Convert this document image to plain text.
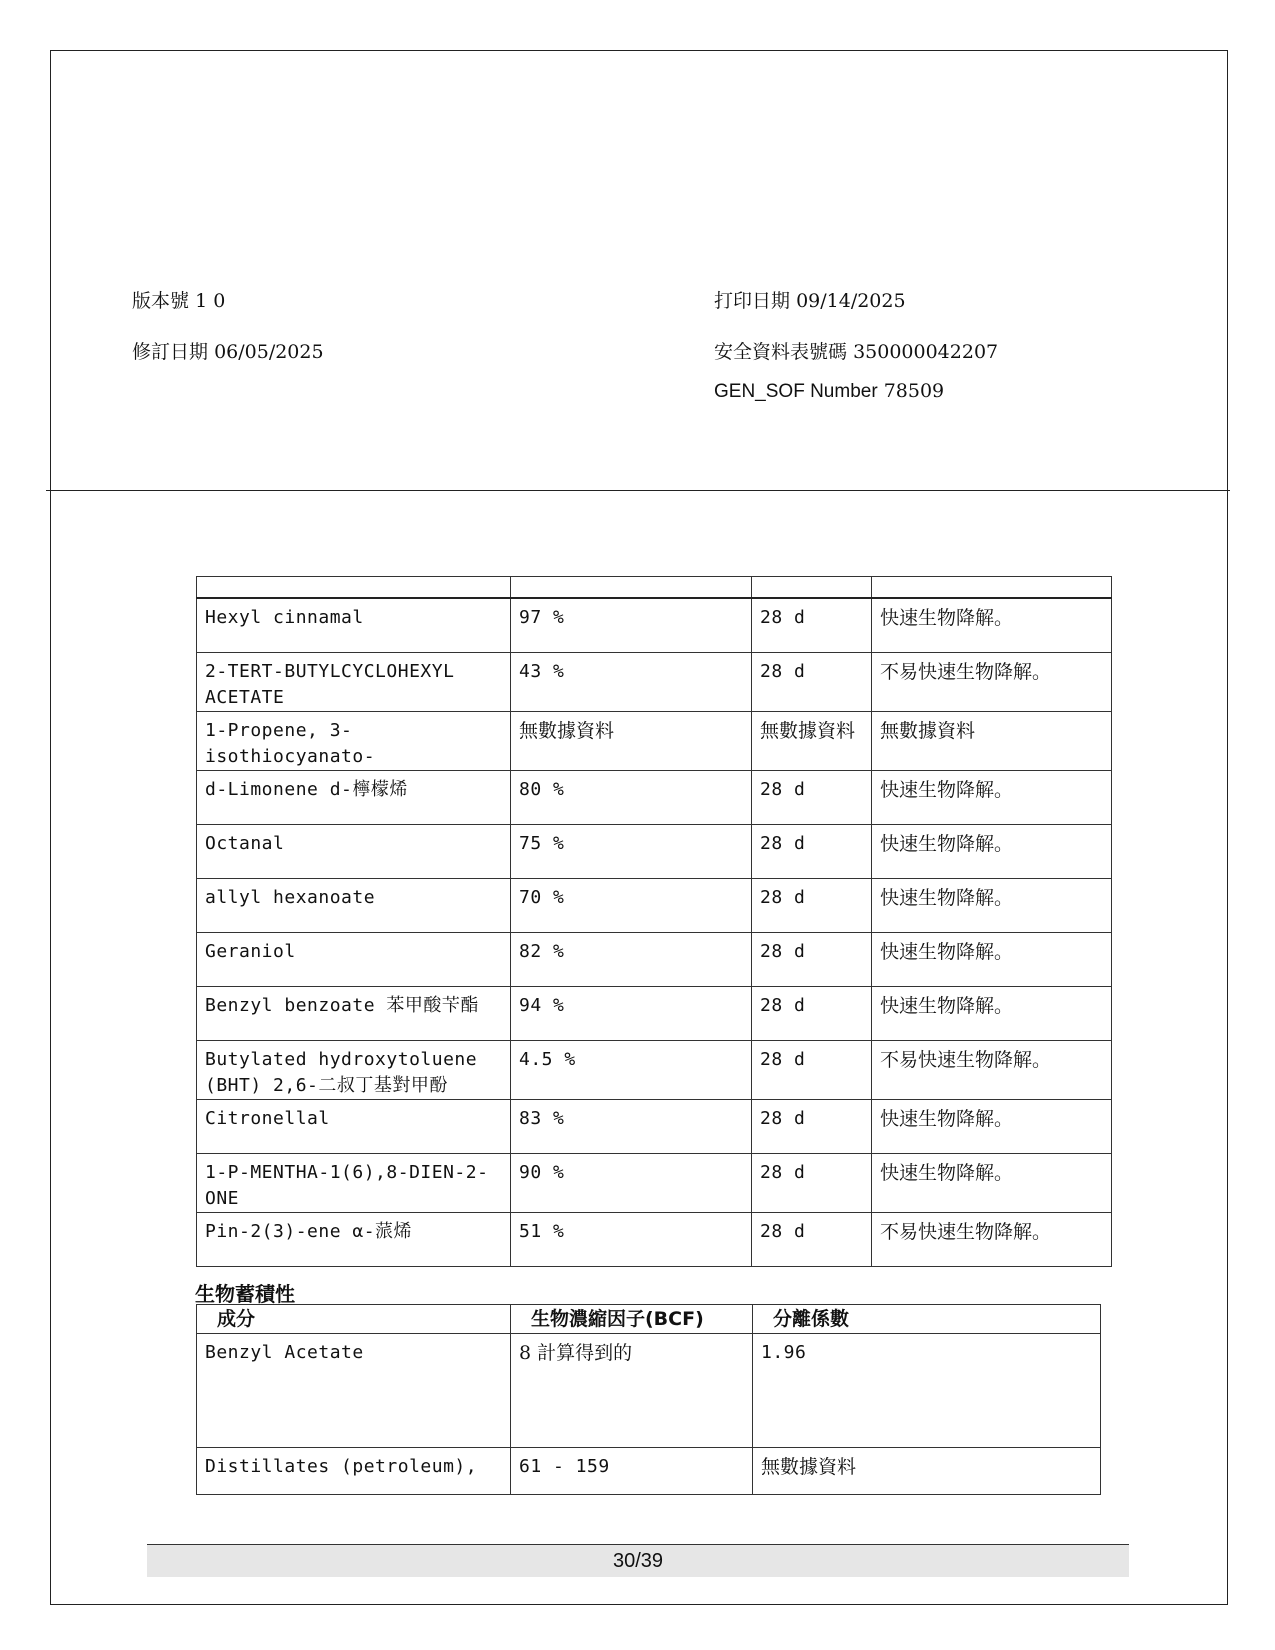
版本號 1 0
修訂日期 06/05/2025
打印日期 09/14/2025
安全資料表號碼 350000042207
GEN_SOF Number 78509

Hexyl cinnamal	97 %	28 d	快速生物降解。
2-TERT-BUTYLCYCLOHEXYL ACETATE	43 %	28 d	不易快速生物降解。
1-Propene, 3-isothiocyanato-	無數據資料	無數據資料	無數據資料
d-Limonene d-檸檬烯	80 %	28 d	快速生物降解。
Octanal	75 %	28 d	快速生物降解。
allyl hexanoate	70 %	28 d	快速生物降解。
Geraniol	82 %	28 d	快速生物降解。
Benzyl benzoate 苯甲酸苄酯	94 %	28 d	快速生物降解。
Butylated hydroxytoluene (BHT) 2,6-二叔丁基對甲酚	4.5 %	28 d	不易快速生物降解。
Citronellal	83 %	28 d	快速生物降解。
1-P-MENTHA-1(6),8-DIEN-2-ONE	90 %	28 d	快速生物降解。
Pin-2(3)-ene α-蒎烯	51 %	28 d	不易快速生物降解。
生物蓄積性
成分	生物濃縮因子(BCF)	分離係數
Benzyl Acetate	8 計算得到的	1.96
Distillates (petroleum),	61 - 159	無數據資料
30/39
